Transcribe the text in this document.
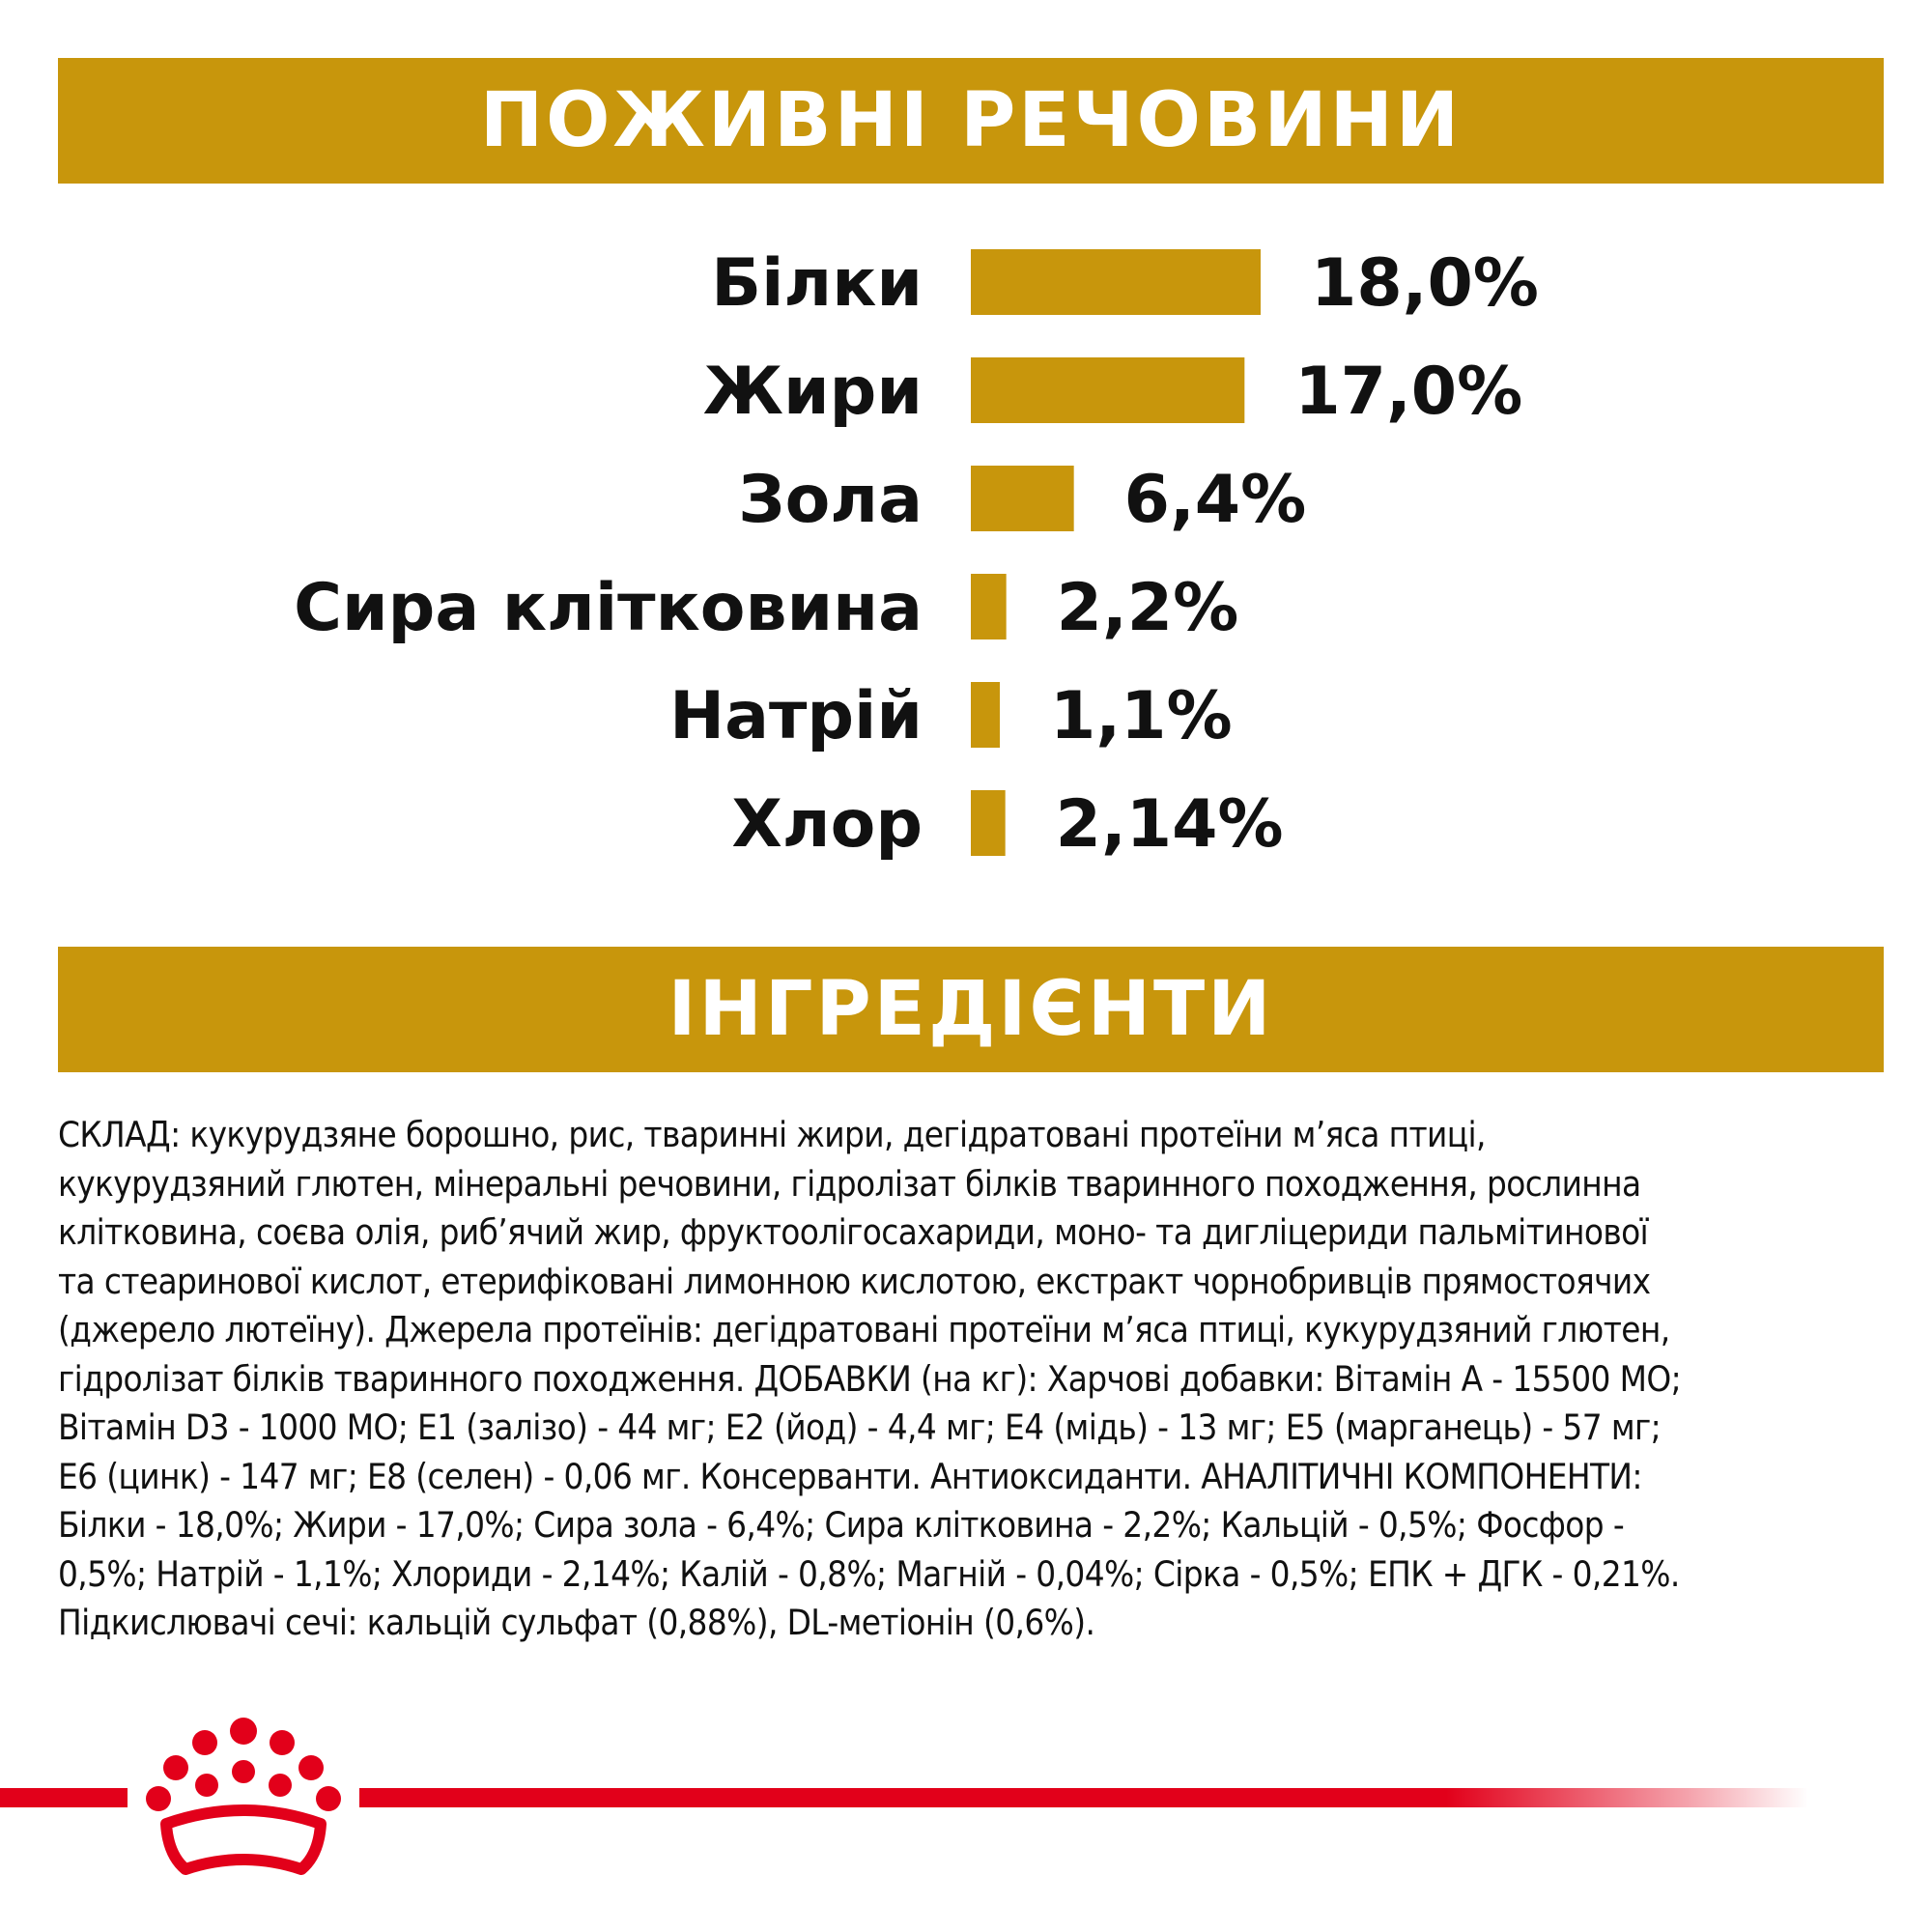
ПОЖИВНІ РЕЧОВИНИ
Білки	18,0%
Жири	17,0%
Зола	6,4%
Сира клітковина 2,2%
Натрій 1,1%
Хлор 2,14%
ІНГРЕДІЄНТИ
СКЛАД: кукурудзяне борошно, рис, тваринні жири, дегідратовані протеїни м’яса птиці,
кукурудзяний глютен, мінеральні речовини, гідролізат білків тваринного походження, рослинна
клітковина, соєва олія, риб’ячий жир, фруктоолігосахариди, моно- та дигліцериди пальмітинової
та стеаринової кислот, етерифіковані лимонною кислотою, екстракт чорнобривців прямостоячих
(джерело лютеїну). Джерела протеїнів: дегідратовані протеїни м’яса птиці, кукурудзяний глютен,
гідролізат білків тваринного походження. ДОБАВКИ (на кг): Харчові добавки: Вітамін А - 15500 МО;
Вітамін D3 - 1000 МО; Е1 (залізо) - 44 мг; Е2 (йод) - 4,4 мг; Е4 (мідь) - 13 мг; Е5 (марганець) - 57 мг;
Е6 (цинк) - 147 мг; Е8 (селен) - 0,06 мг. Консерванти. Антиоксиданти. АНАЛІТИЧНІ КОМПОНЕНТИ:
Білки - 18,0%; Жири - 17,0%; Сира зола - 6,4%; Сира клітковина - 2,2%; Кальцій - 0,5%; Фосфор -
0,5%; Натрій - 1,1%; Хлориди - 2,14%; Калій - 0,8%; Магній - 0,04%; Сірка - 0,5%; ЕПК + ДГК - 0,21%.
Підкислювачі сечі: кальцій сульфат (0,88%), DL-метіонін (0,6%).
